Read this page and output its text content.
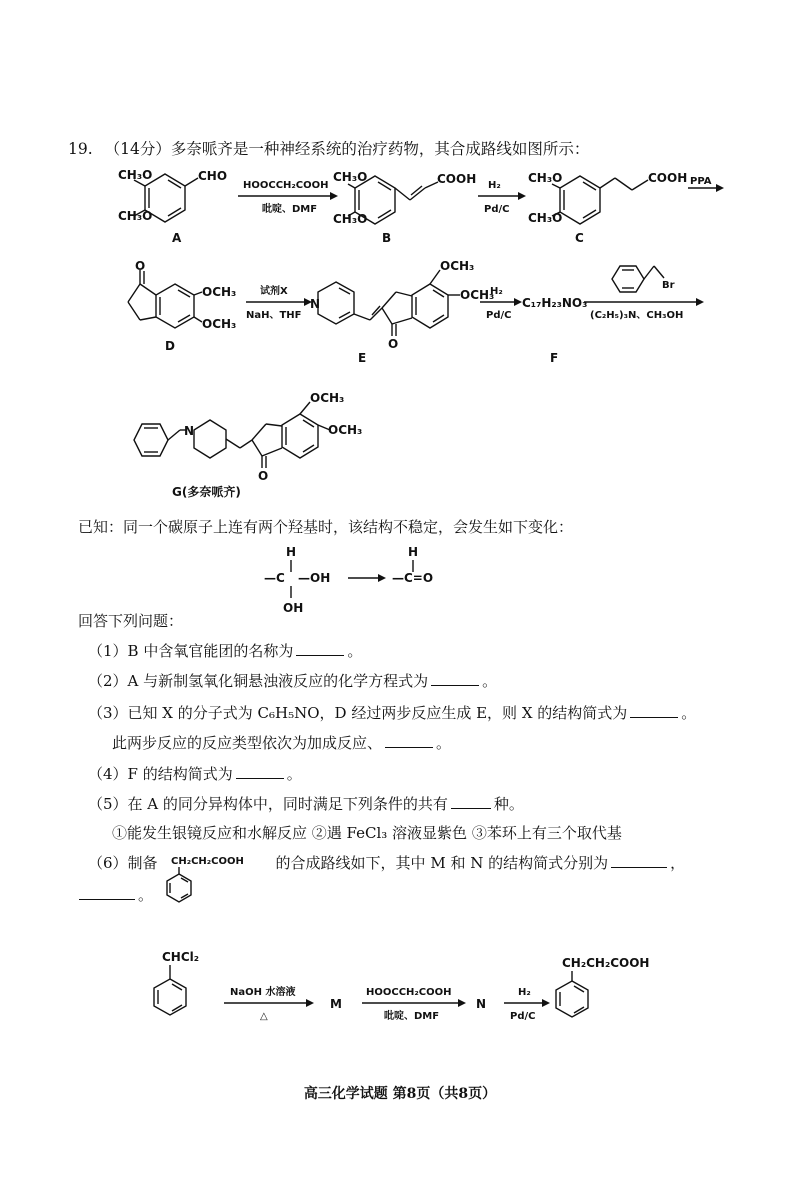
19. （14分）多奈哌齐是一种神经系统的治疗药物，其合成路线如图所示：
CH₃O
CH₃O
CHO
A
HOOCCH₂COOH
吡啶、DMF
CH₃O
CH₃O
COOH
B
H₂
Pd/C
CH₃O
CH₃O
COOH
C
PPA
O
OCH₃
OCH₃
D
试剂X
NaH、THF
N
O
OCH₃
OCH₃
E
H₂
Pd/C
C₁₇H₂₃NO₃
F
Br
(C₂H₅)₃N、CH₃OH
N
O
OCH₃
OCH₃
G(多奈哌齐)
已知：同一个碳原子上连有两个羟基时，该结构不稳定，会发生如下变化：
H
—C —OH
OH
H
—C=O
回答下列问题：
（1）B 中含氧官能团的名称为	。
（2）A 与新制氢氧化铜悬浊液反应的化学方程式为	。
（3）已知 X 的分子式为 C₆H₅NO，D 经过两步反应生成 E，则 X 的结构简式为	。
此两步反应的反应类型依次为加成反应、	。
（4）F 的结构简式为	。
（5）在 A 的同分异构体中，同时满足下列条件的共有	种。
①能发生银镜反应和水解反应 ②遇 FeCl₃ 溶液显紫色 ③苯环上有三个取代基
（6）制备	的合成路线如下，其中 M 和 N 的结构简式分别为	，
CH₂CH₂COOH
。
CHCl₂
NaOH 水溶液
△
M
HOOCCH₂COOH
吡啶、DMF
N
H₂
Pd/C
CH₂CH₂COOH
高三化学试题 第8页（共8页）
